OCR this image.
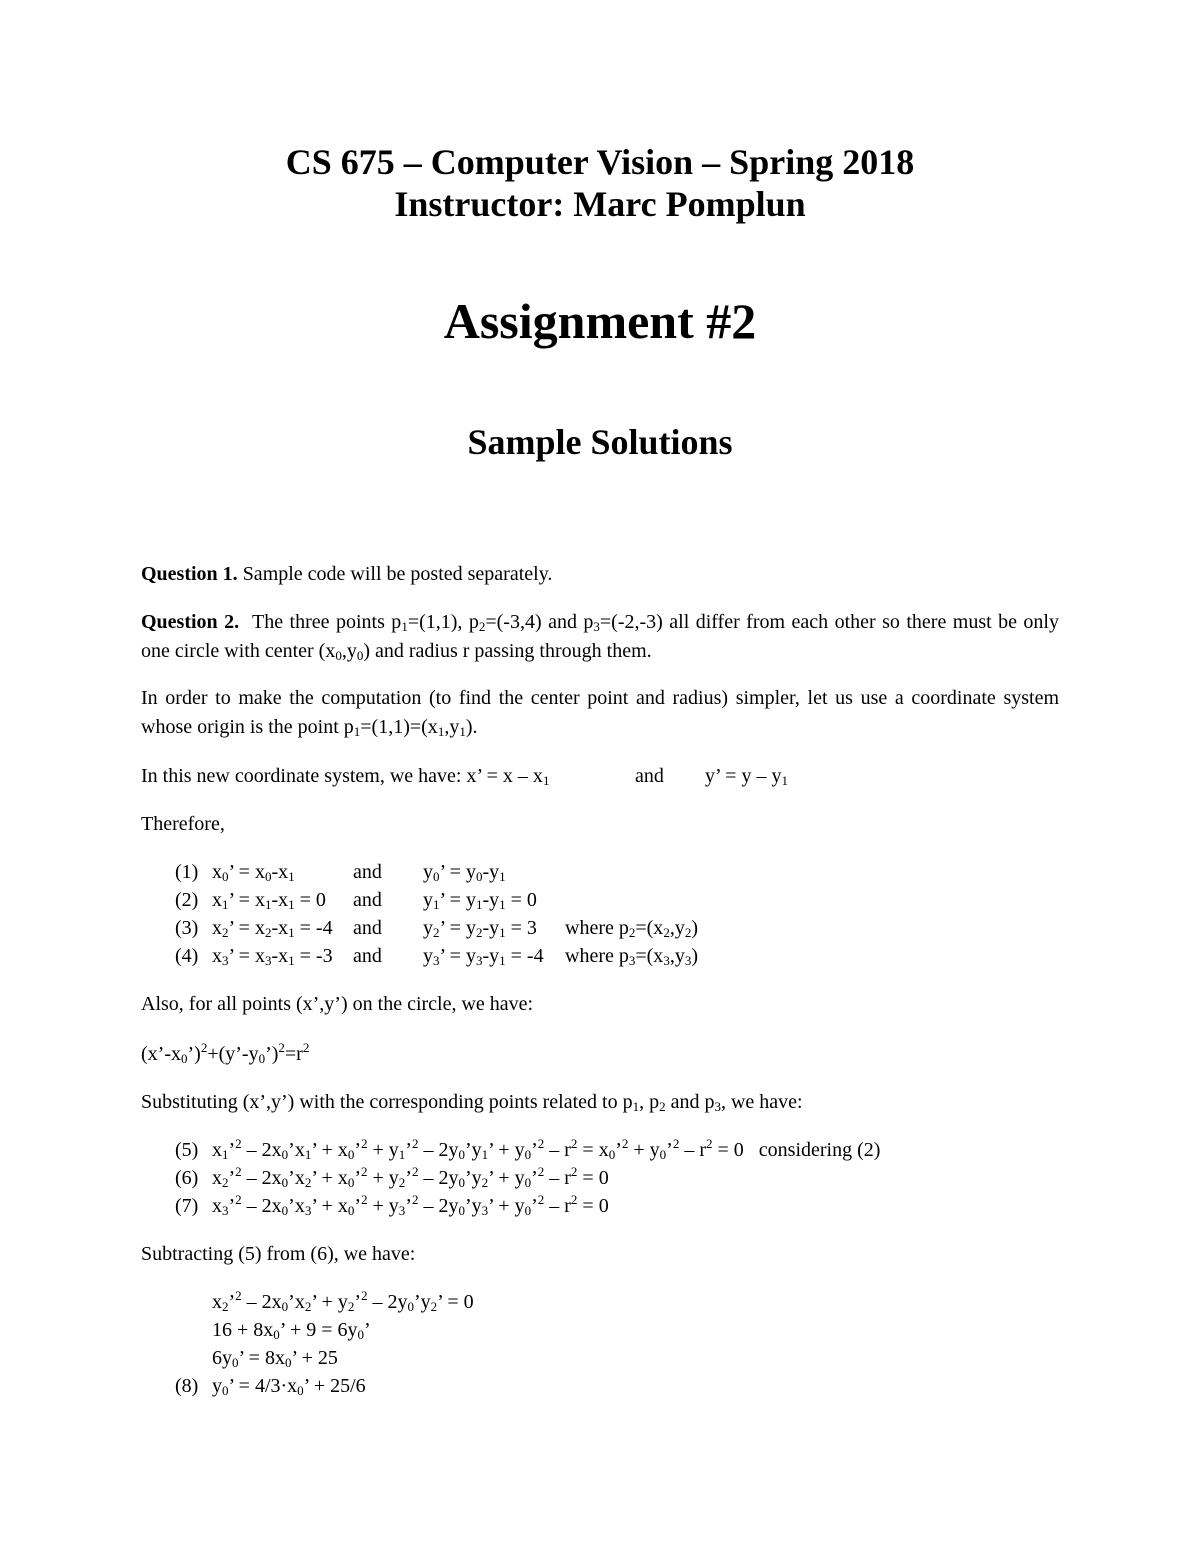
CS 675 – Computer Vision – Spring 2018
Instructor: Marc Pomplun
Assignment #2
Sample Solutions
Question 1. Sample code will be posted separately.
Question 2. The three points $p_1=(1,1)$, $p_2=(-3,4)$ and $p_3=(-2,-3)$ all differ from each other so there must be only one circle with center $(x_0,y_0)$ and radius r passing through them.
In order to make the computation (to find the center point and radius) simpler, let us use a coordinate system whose origin is the point $p_1=(1,1)=(x_1,y_1)$.
In this new coordinate system, we have: x’ = x – $x_1$	and y’ = y – $y_1$
Therefore,
(1) $x_0$’ = $x_0-x_1$	and $y_0$’ = $y_0-y_1$
(2) $x_1$’ = $x_1-x_1 = 0$ and $y_1$’ = $y_1-y_1 = 0$
(3) $x_2$’ = $x_2-x_1 = -4$ and $y_2$’ = $y_2-y_1 = 3$ where $p_2=(x_2,y_2)$
(4) $x_3$’ = $x_3-x_1 = -3$ and $y_3$’ = $y_3-y_1 = -4$ where $p_3=(x_3,y_3)$
Also, for all points (x’,y’) on the circle, we have:
$(x’-x_0’)^2+(y’-y_0’)^2=r^2$
Substituting (x’,y’) with the corresponding points related to $p_1$, $p_2$ and $p_3$, we have:
(5) $x_1’^2$ – $2x_0’x_1$’ + $x_0’^2$ + $y_1’^2$ – $2y_0’y_1$’ + $y_0’^2 - r^2$ = $x_0’^2$ + $y_0’^2 - r^2 = 0$ considering (2)
(6) $x_2’^2$ – $2x_0’x_2$’ + $x_0’^2$ + $y_2’^2$ – $2y_0’y_2$’ + $y_0’^2 - r^2 = 0$
(7) $x_3’^2$ – $2x_0’x_3$’ + $x_0’^2$ + $y_3’^2$ – $2y_0’y_3$’ + $y_0’^2 - r^2 = 0$
Subtracting (5) from (6), we have:
$x_2’^2$ – $2x_0’x_2$’ + $y_2’^2$ – $2y_0’y_2$’ = 0
$16 + 8x_0$’ + $9 = 6y_0$’
$6y_0$’ = $8x_0$’ + 25
(8) $y_0$’ = $4/3\cdot x_0$’ + 25/6
